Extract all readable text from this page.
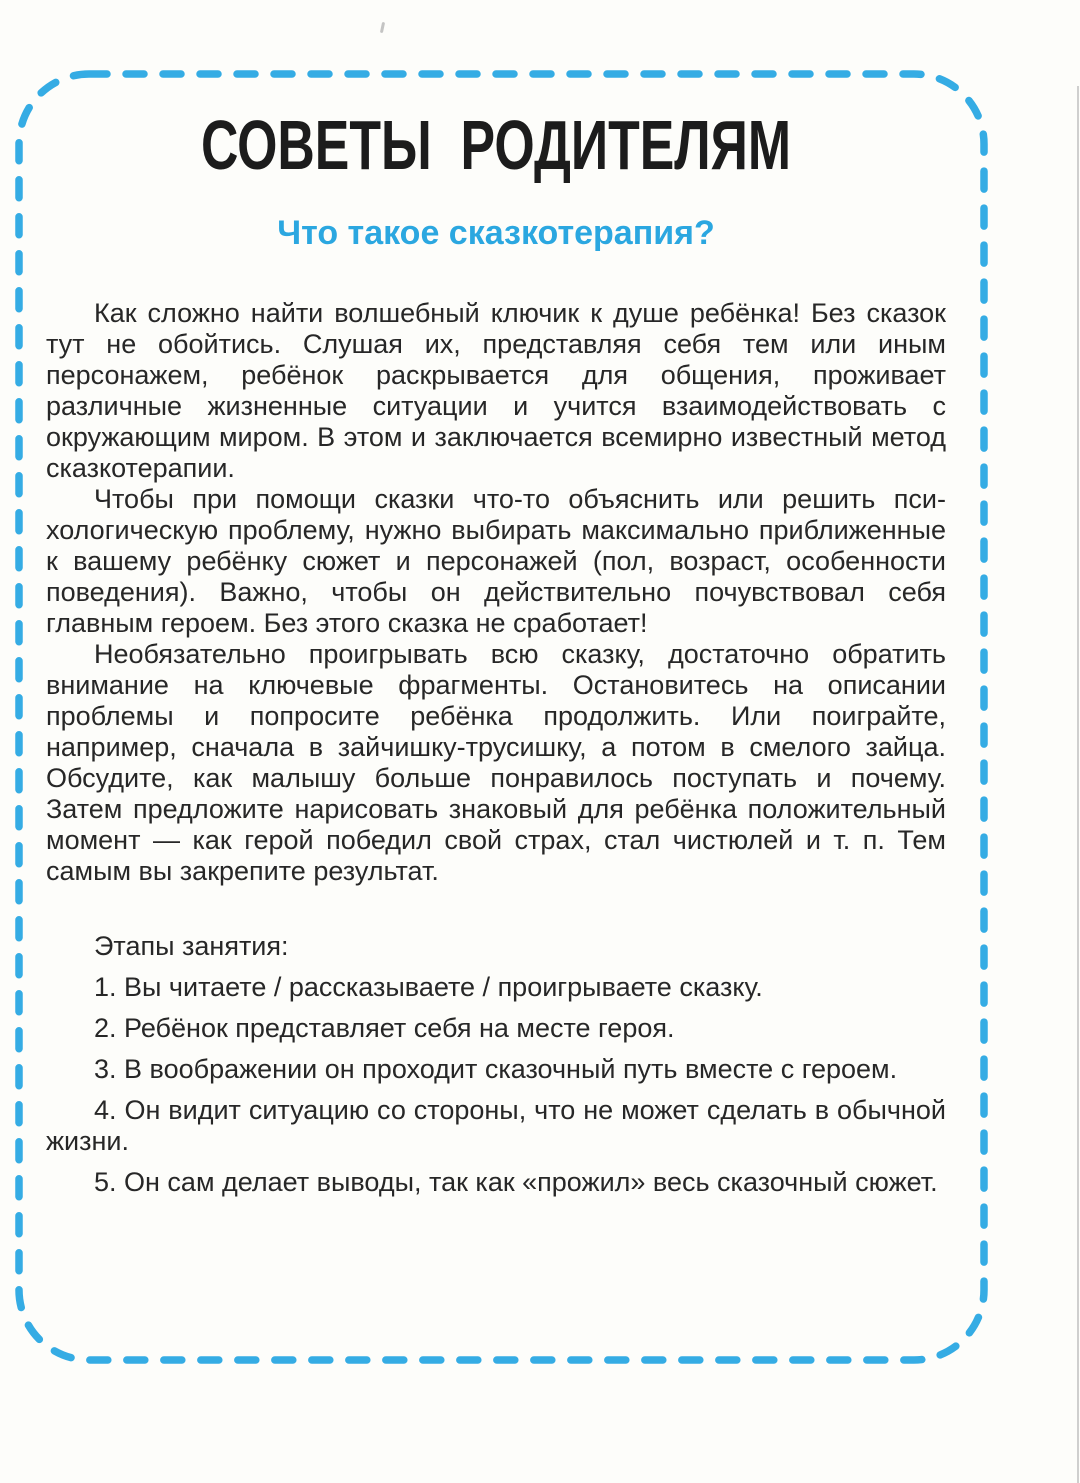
СОВЕТЫ  РОДИТЕЛЯМ
Что такое сказкотерапия?

Как сложно найти волшебный ключик к душе ребёнка! Без сказок тут не обойтись. Слушая их, представляя себя тем или иным персонажем, ребёнок раскрывается для общения, проживает различные жизненные ситуации и учится взаимодействовать с окружающим миром. В этом и заключается всемирно известный метод сказкотерапии.

Чтобы при помощи сказки что-то объяснить или решить психологическую проблему, нужно выбирать максимально приближенные к вашему ребёнку сюжет и персонажей (пол, возраст, особенности поведения). Важно, чтобы он действительно почувствовал себя главным героем. Без этого сказка не сработает!

Необязательно проигрывать всю сказку, достаточно обратить внимание на ключевые фрагменты. Остановитесь на описании проблемы и попросите ребёнка продолжить. Или поиграйте, например, сначала в зайчишку-трусишку, а потом в смелого зайца. Обсудите, как малышу больше понравилось поступать и почему. Затем предложите нарисовать знаковый для ребёнка положительный момент — как герой победил свой страх, стал чистюлей и т. п. Тем самым вы закрепите результат.

Этапы занятия:

1. Вы читаете / рассказываете / проигрываете сказку.

2. Ребёнок представляет себя на месте героя.

3. В воображении он проходит сказочный путь вместе с героем.

4. Он видит ситуацию со стороны, что не может сделать в обычной жизни.

5. Он сам делает выводы, так как «прожил» весь сказочный сюжет.
